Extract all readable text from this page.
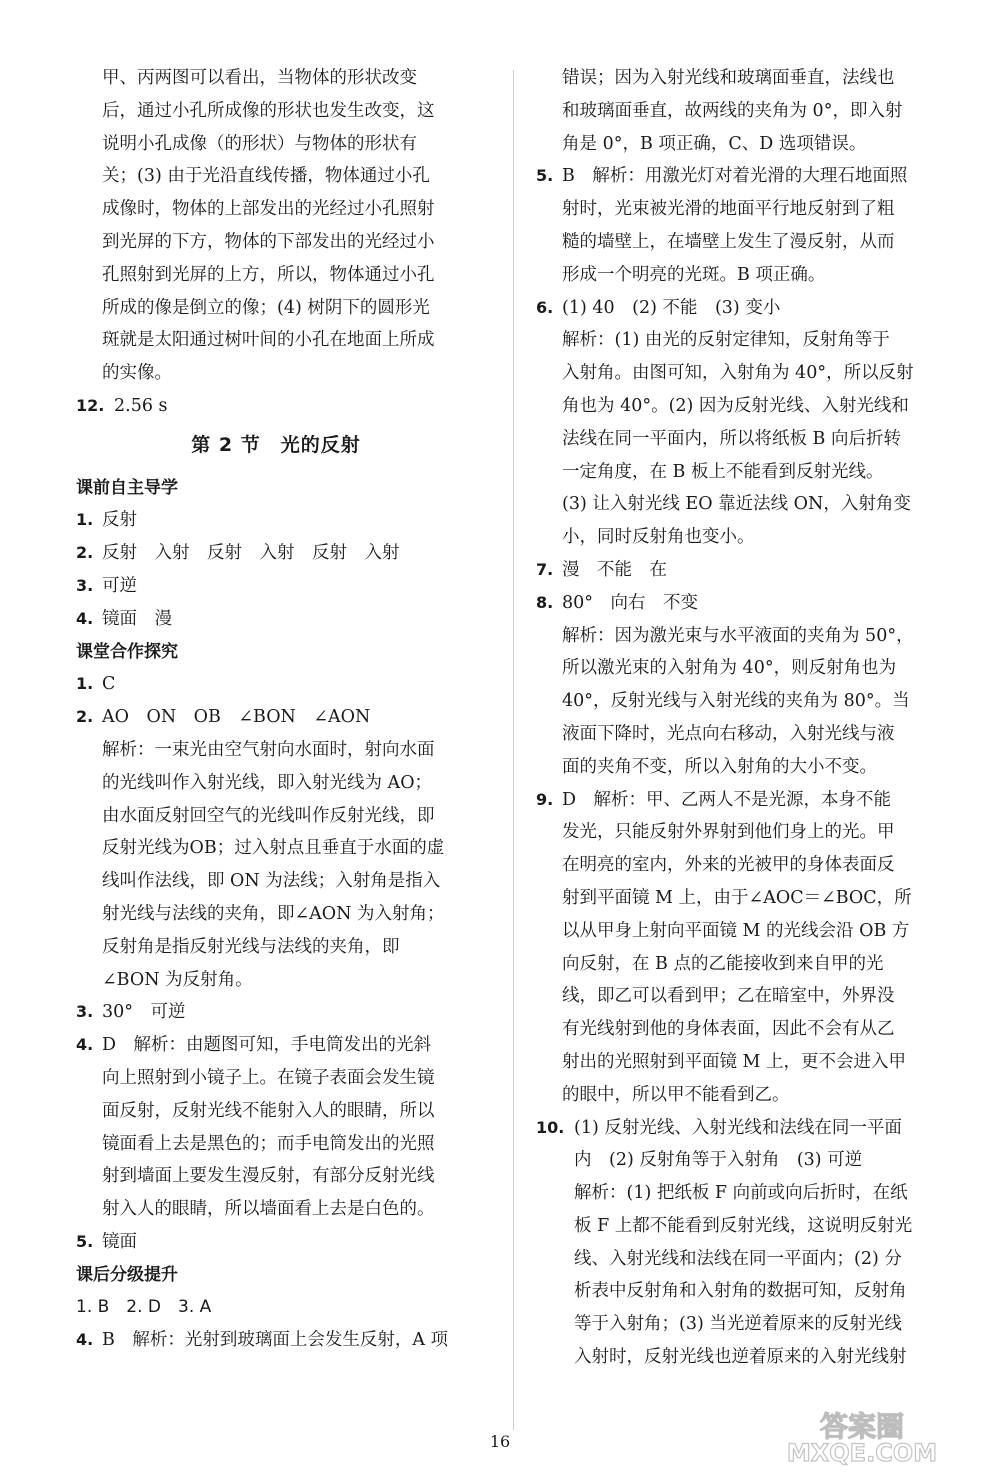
甲、丙两图可以看出，当物体的形状改变

后，通过小孔所成像的形状也发生改变，这

说明小孔成像（的形状）与物体的形状有

关；(3) 由于光沿直线传播，物体通过小孔

成像时，物体的上部发出的光经过小孔照射

到光屏的下方，物体的下部发出的光经过小

孔照射到光屏的上方，所以，物体通过小孔

所成的像是倒立的像；(4) 树阴下的圆形光

斑就是太阳通过树叶间的小孔在地面上所成

的实像。

12. 2.56 s
第 2 节　光的反射
课前自主导学
1. 反射
2. 反射　入射　反射　入射　反射　入射
3. 可逆
4. 镜面　漫
课堂合作探究
1. C

2. AO　ON　OB　∠BON　∠AON

解析：一束光由空气射向水面时，射向水面

的光线叫作入射光线，即入射光线为 AO；

由水面反射回空气的光线叫作反射光线，即

反射光线为OB；过入射点且垂直于水面的虚

线叫作法线，即 ON 为法线；入射角是指入

射光线与法线的夹角，即∠AON 为入射角；

反射角是指反射光线与法线的夹角，即

∠BON 为反射角。

3. 30°　可逆

4. D　解析：由题图可知，手电筒发出的光斜

向上照射到小镜子上。在镜子表面会发生镜

面反射，反射光线不能射入人的眼睛，所以

镜面看上去是黑色的；而手电筒发出的光照

射到墙面上要发生漫反射，有部分反射光线

射入人的眼睛，所以墙面看上去是白色的。

5. 镜面

课后分级提升
1. B　2. D　3. A
4. B　解析：光射到玻璃面上会发生反射，A 项

错误；因为入射光线和玻璃面垂直，法线也

和玻璃面垂直，故两线的夹角为 0°，即入射

角是 0°，B 项正确，C、D 选项错误。

5. B　解析：用激光灯对着光滑的大理石地面照

射时，光束被光滑的地面平行地反射到了粗

糙的墙壁上，在墙壁上发生了漫反射，从而

形成一个明亮的光斑。B 项正确。

6. (1) 40　(2) 不能　(3) 变小

解析：(1) 由光的反射定律知，反射角等于

入射角。由图可知，入射角为 40°，所以反射

角也为 40°。(2) 因为反射光线、入射光线和

法线在同一平面内，所以将纸板 B 向后折转

一定角度，在 B 板上不能看到反射光线。

(3) 让入射光线 EO 靠近法线 ON，入射角变

小，同时反射角也变小。

7. 漫　不能　在

8. 80°　向右　不变

解析：因为激光束与水平液面的夹角为 50°，

所以激光束的入射角为 40°，则反射角也为

40°，反射光线与入射光线的夹角为 80°。当

液面下降时，光点向右移动，入射光线与液

面的夹角不变，所以入射角的大小不变。

9. D　解析：甲、乙两人不是光源，本身不能

发光，只能反射外界射到他们身上的光。甲

在明亮的室内，外来的光被甲的身体表面反

射到平面镜 M 上，由于∠AOC＝∠BOC，所

以从甲身上射向平面镜 M 的光线会沿 OB 方

向反射，在 B 点的乙能接收到来自甲的光

线，即乙可以看到甲；乙在暗室中，外界没

有光线射到他的身体表面，因此不会有从乙

射出的光照射到平面镜 M 上，更不会进入甲

的眼中，所以甲不能看到乙。

10. (1) 反射光线、入射光线和法线在同一平面

内　(2) 反射角等于入射角　(3) 可逆

解析：(1) 把纸板 F 向前或向后折时，在纸

板 F 上都不能看到反射光线，这说明反射光

线、入射光线和法线在同一平面内；(2) 分

析表中反射角和入射角的数据可知，反射角

等于入射角；(3) 当光逆着原来的反射光线

入射时，反射光线也逆着原来的入射光线射

16	答案圈
MXQE.COM
